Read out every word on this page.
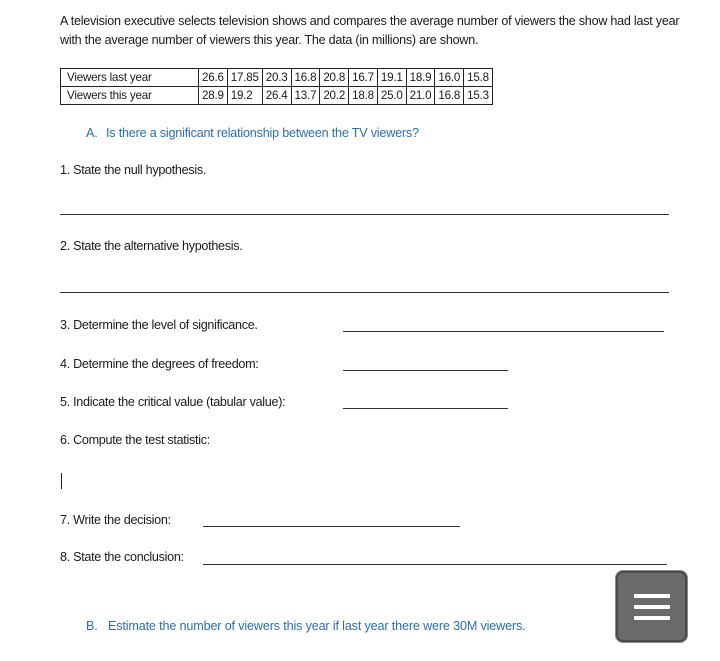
A television executive selects television shows and compares the average number of viewers the show had last year with the average number of viewers this year. The data (in millions) are shown.
Viewers last year	26.6	17.85	20.3	16.8	20.8	16.7	19.1	18.9	16.0	15.8
Viewers this year	28.9	19.2	26.4	13.7	20.2	18.8	25.0	21.0	16.8	15.3
A. Is there a significant relationship between the TV viewers?
1. State the null hypothesis.
2. State the alternative hypothesis.
3. Determine the level of significance.
4. Determine the degrees of freedom:
5. Indicate the critical value (tabular value):
6. Compute the test statistic:
7. Write the decision:
8. State the conclusion:
B. Estimate the number of viewers this year if last year there were 30M viewers.
